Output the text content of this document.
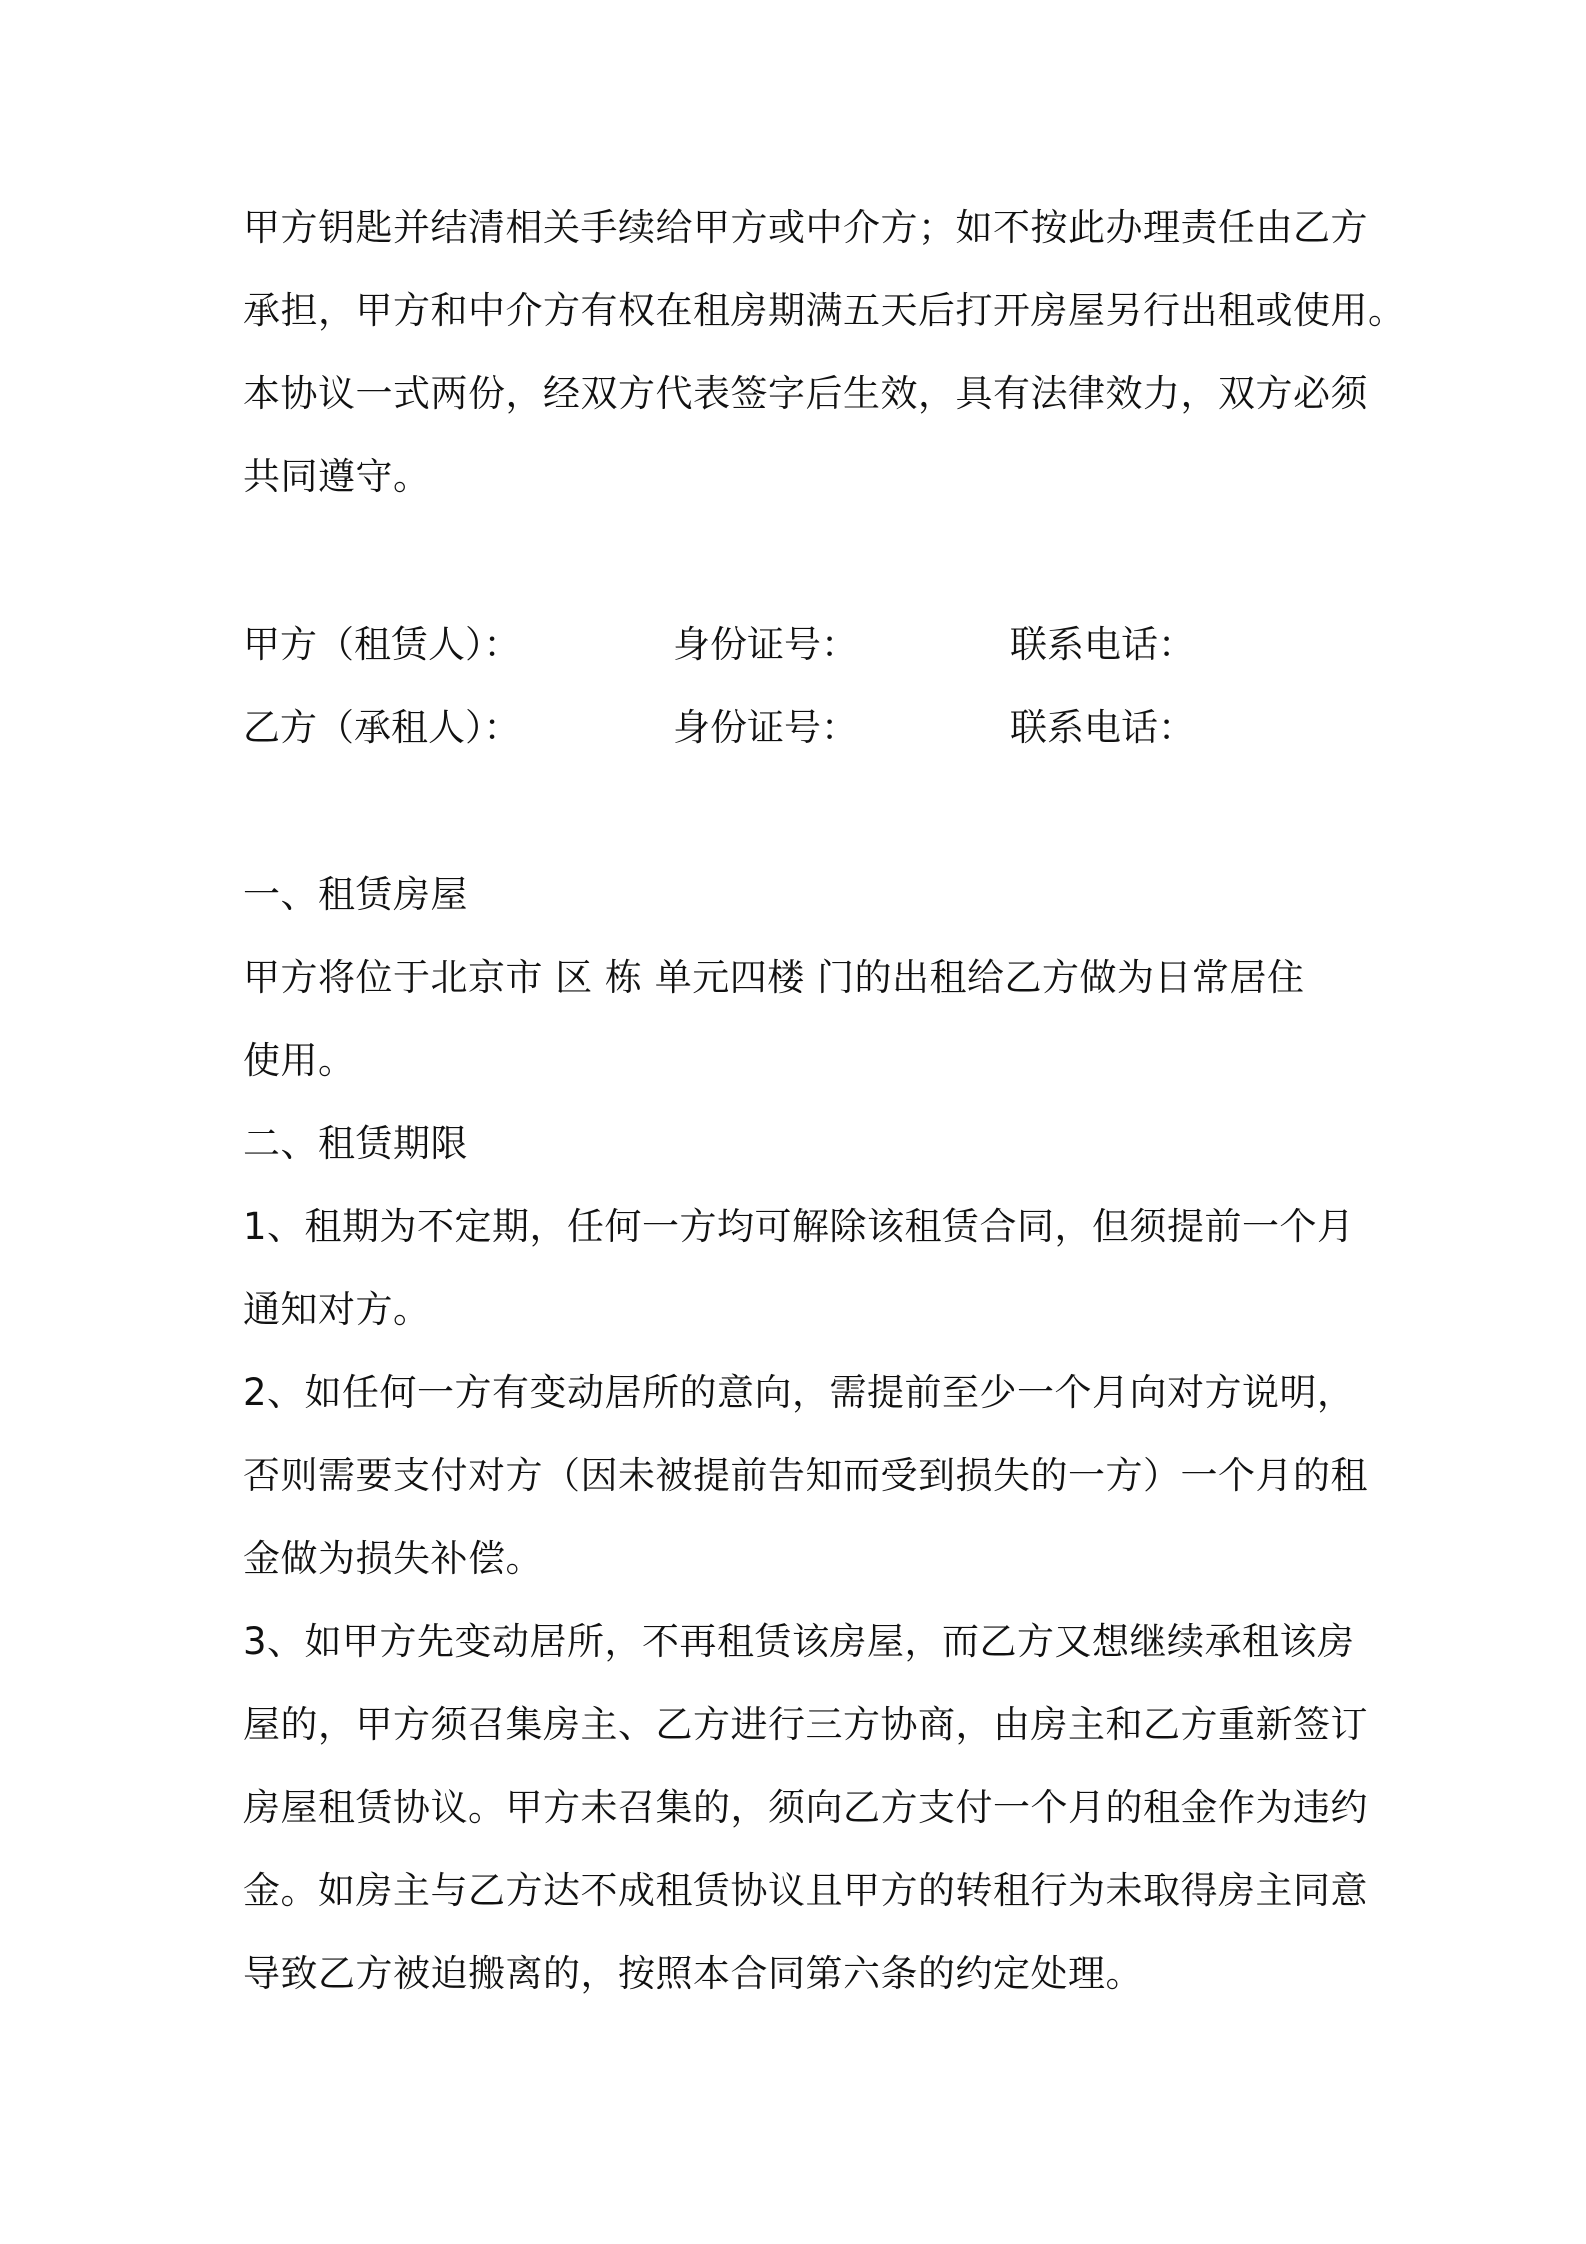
甲方钥匙并结清相关手续给甲方或中介方；如不按此办理责任由乙方
承担，甲方和中介方有权在租房期满五天后打开房屋另行出租或使用。
本协议一式两份，经双方代表签字后生效，具有法律效力，双方必须
共同遵守。
甲方（租赁人）：	身份证号：	联系电话：
乙方（承租人）：	身份证号：	联系电话：
一、租赁房屋
甲方将位于北京市 区 栋 单元四楼 门的出租给乙方做为日常居住
使用。
二、租赁期限
1、租期为不定期，任何一方均可解除该租赁合同，但须提前一个月
通知对方。
2、如任何一方有变动居所的意向，需提前至少一个月向对方说明，
否则需要支付对方（因未被提前告知而受到损失的一方）一个月的租
金做为损失补偿。
3、如甲方先变动居所，不再租赁该房屋，而乙方又想继续承租该房
屋的，甲方须召集房主、乙方进行三方协商，由房主和乙方重新签订
房屋租赁协议。甲方未召集的，须向乙方支付一个月的租金作为违约
金。如房主与乙方达不成租赁协议且甲方的转租行为未取得房主同意
导致乙方被迫搬离的，按照本合同第六条的约定处理。
